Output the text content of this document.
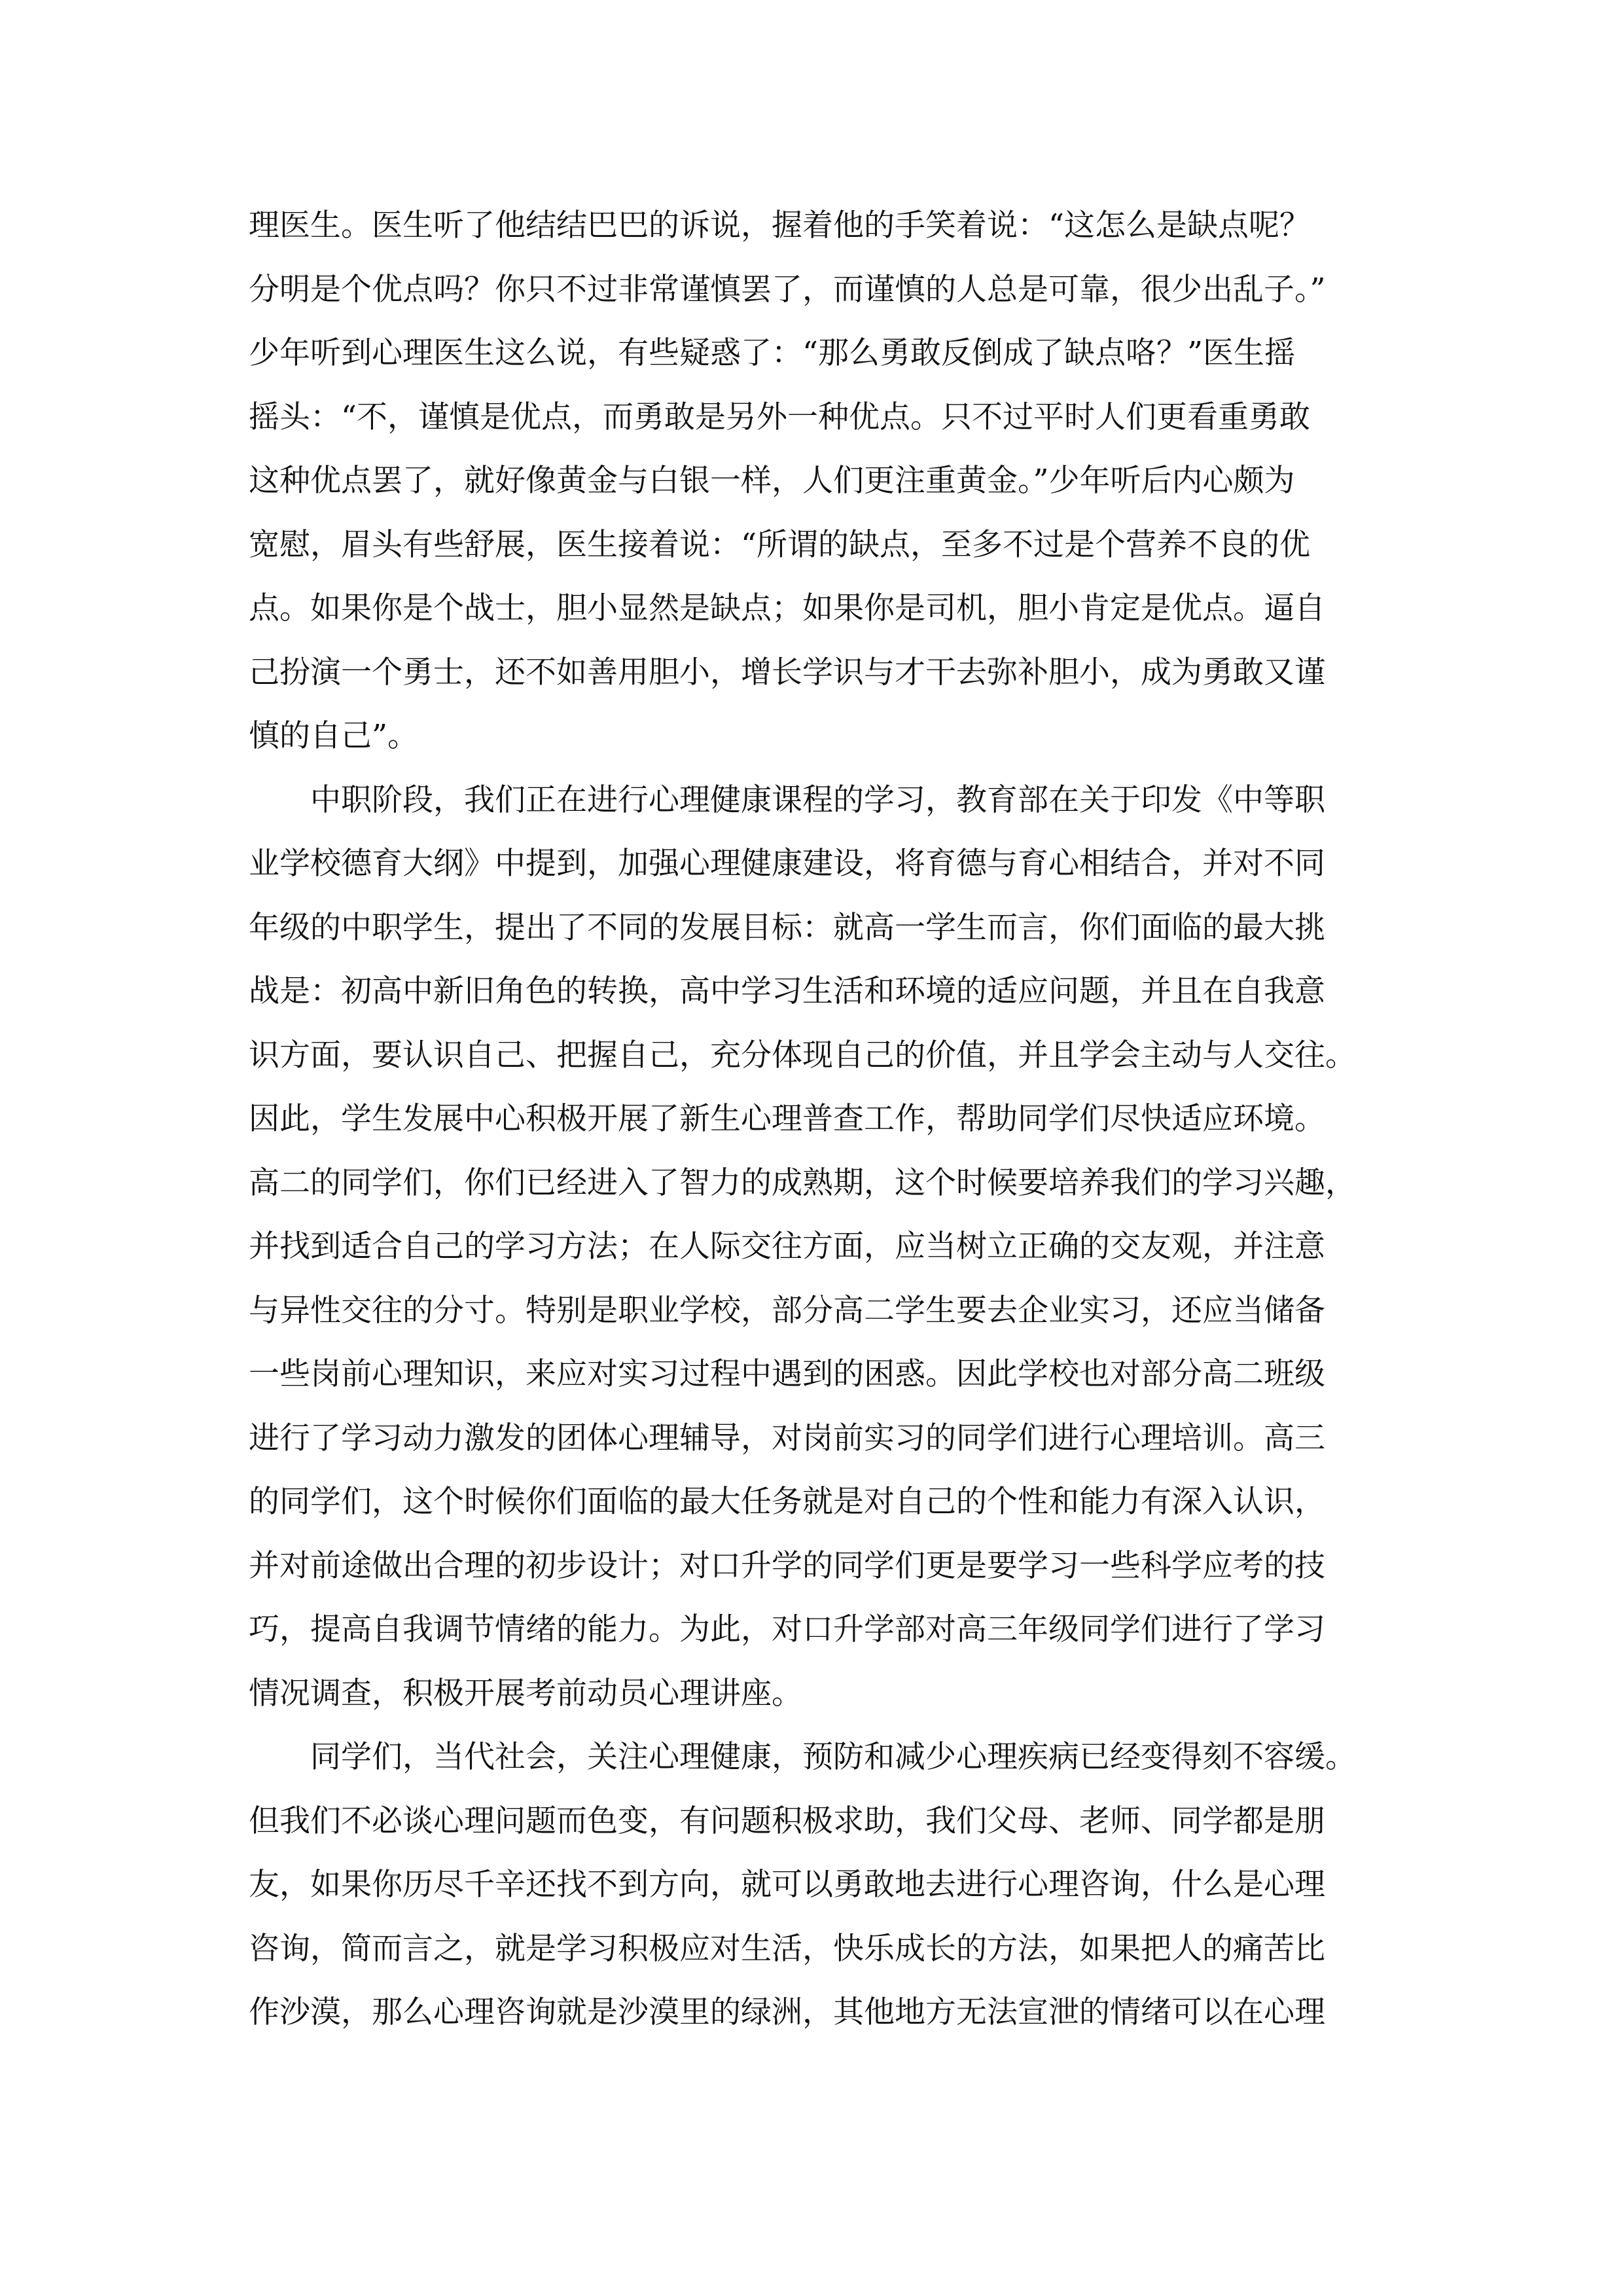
理医生。医生听了他结结巴巴的诉说，握着他的手笑着说：“这怎么是缺点呢？
分明是个优点吗？你只不过非常谨慎罢了，而谨慎的人总是可靠，很少出乱子。”
少年听到心理医生这么说，有些疑惑了：“那么勇敢反倒成了缺点咯？”医生摇
摇头：“不，谨慎是优点，而勇敢是另外一种优点。只不过平时人们更看重勇敢
这种优点罢了，就好像黄金与白银一样，人们更注重黄金。”少年听后内心颇为
宽慰，眉头有些舒展，医生接着说：“所谓的缺点，至多不过是个营养不良的优
点。如果你是个战士，胆小显然是缺点；如果你是司机，胆小肯定是优点。逼自
己扮演一个勇士，还不如善用胆小，增长学识与才干去弥补胆小，成为勇敢又谨
慎的自己”。
　　中职阶段，我们正在进行心理健康课程的学习，教育部在关于印发《中等职
业学校德育大纲》中提到，加强心理健康建设，将育德与育心相结合，并对不同
年级的中职学生，提出了不同的发展目标：就高一学生而言，你们面临的最大挑
战是：初高中新旧角色的转换，高中学习生活和环境的适应问题，并且在自我意
识方面，要认识自己、把握自己，充分体现自己的价值，并且学会主动与人交往。
因此，学生发展中心积极开展了新生心理普查工作，帮助同学们尽快适应环境。
高二的同学们，你们已经进入了智力的成熟期，这个时候要培养我们的学习兴趣，
并找到适合自己的学习方法；在人际交往方面，应当树立正确的交友观，并注意
与异性交往的分寸。特别是职业学校，部分高二学生要去企业实习，还应当储备
一些岗前心理知识，来应对实习过程中遇到的困惑。因此学校也对部分高二班级
进行了学习动力激发的团体心理辅导，对岗前实习的同学们进行心理培训。高三
的同学们，这个时候你们面临的最大任务就是对自己的个性和能力有深入认识，
并对前途做出合理的初步设计；对口升学的同学们更是要学习一些科学应考的技
巧，提高自我调节情绪的能力。为此，对口升学部对高三年级同学们进行了学习
情况调查，积极开展考前动员心理讲座。
　　同学们，当代社会，关注心理健康，预防和减少心理疾病已经变得刻不容缓。
但我们不必谈心理问题而色变，有问题积极求助，我们父母、老师、同学都是朋
友，如果你历尽千辛还找不到方向，就可以勇敢地去进行心理咨询，什么是心理
咨询，简而言之，就是学习积极应对生活，快乐成长的方法，如果把人的痛苦比
作沙漠，那么心理咨询就是沙漠里的绿洲，其他地方无法宣泄的情绪可以在心理
